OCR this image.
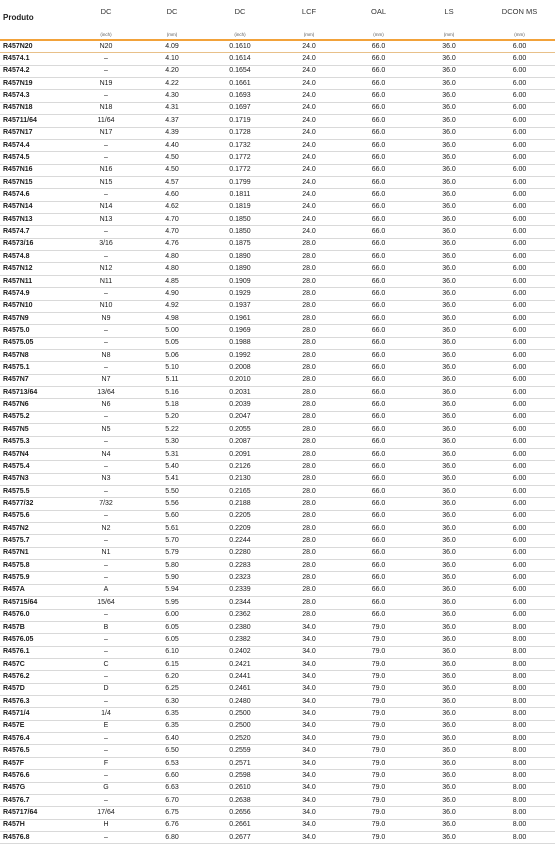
Produto	DC	DC	DC	LCF	OAL	LS	DCON MS
	(inch)	(mm)	(inch)	(mm)	(mm)	(mm)	(mm)
R457N20	N20	4.09	0.1610	24.0	66.0	36.0	6.00
R4574.1	–	4.10	0.1614	24.0	66.0	36.0	6.00
R4574.2	–	4.20	0.1654	24.0	66.0	36.0	6.00
R457N19	N19	4.22	0.1661	24.0	66.0	36.0	6.00
R4574.3	–	4.30	0.1693	24.0	66.0	36.0	6.00
R457N18	N18	4.31	0.1697	24.0	66.0	36.0	6.00
R45711/64	11/64	4.37	0.1719	24.0	66.0	36.0	6.00
R457N17	N17	4.39	0.1728	24.0	66.0	36.0	6.00
R4574.4	–	4.40	0.1732	24.0	66.0	36.0	6.00
R4574.5	–	4.50	0.1772	24.0	66.0	36.0	6.00
R457N16	N16	4.50	0.1772	24.0	66.0	36.0	6.00
R457N15	N15	4.57	0.1799	24.0	66.0	36.0	6.00
R4574.6	–	4.60	0.1811	24.0	66.0	36.0	6.00
R457N14	N14	4.62	0.1819	24.0	66.0	36.0	6.00
R457N13	N13	4.70	0.1850	24.0	66.0	36.0	6.00
R4574.7	–	4.70	0.1850	24.0	66.0	36.0	6.00
R4573/16	3/16	4.76	0.1875	28.0	66.0	36.0	6.00
R4574.8	–	4.80	0.1890	28.0	66.0	36.0	6.00
R457N12	N12	4.80	0.1890	28.0	66.0	36.0	6.00
R457N11	N11	4.85	0.1909	28.0	66.0	36.0	6.00
R4574.9	–	4.90	0.1929	28.0	66.0	36.0	6.00
R457N10	N10	4.92	0.1937	28.0	66.0	36.0	6.00
R457N9	N9	4.98	0.1961	28.0	66.0	36.0	6.00
R4575.0	–	5.00	0.1969	28.0	66.0	36.0	6.00
R4575.05	–	5.05	0.1988	28.0	66.0	36.0	6.00
R457N8	N8	5.06	0.1992	28.0	66.0	36.0	6.00
R4575.1	–	5.10	0.2008	28.0	66.0	36.0	6.00
R457N7	N7	5.11	0.2010	28.0	66.0	36.0	6.00
R45713/64	13/64	5.16	0.2031	28.0	66.0	36.0	6.00
R457N6	N6	5.18	0.2039	28.0	66.0	36.0	6.00
R4575.2	–	5.20	0.2047	28.0	66.0	36.0	6.00
R457N5	N5	5.22	0.2055	28.0	66.0	36.0	6.00
R4575.3	–	5.30	0.2087	28.0	66.0	36.0	6.00
R457N4	N4	5.31	0.2091	28.0	66.0	36.0	6.00
R4575.4	–	5.40	0.2126	28.0	66.0	36.0	6.00
R457N3	N3	5.41	0.2130	28.0	66.0	36.0	6.00
R4575.5	–	5.50	0.2165	28.0	66.0	36.0	6.00
R4577/32	7/32	5.56	0.2188	28.0	66.0	36.0	6.00
R4575.6	–	5.60	0.2205	28.0	66.0	36.0	6.00
R457N2	N2	5.61	0.2209	28.0	66.0	36.0	6.00
R4575.7	–	5.70	0.2244	28.0	66.0	36.0	6.00
R457N1	N1	5.79	0.2280	28.0	66.0	36.0	6.00
R4575.8	–	5.80	0.2283	28.0	66.0	36.0	6.00
R4575.9	–	5.90	0.2323	28.0	66.0	36.0	6.00
R457A	A	5.94	0.2339	28.0	66.0	36.0	6.00
R45715/64	15/64	5.95	0.2344	28.0	66.0	36.0	6.00
R4576.0	–	6.00	0.2362	28.0	66.0	36.0	6.00
R457B	B	6.05	0.2380	34.0	79.0	36.0	8.00
R4576.05	–	6.05	0.2382	34.0	79.0	36.0	8.00
R4576.1	–	6.10	0.2402	34.0	79.0	36.0	8.00
R457C	C	6.15	0.2421	34.0	79.0	36.0	8.00
R4576.2	–	6.20	0.2441	34.0	79.0	36.0	8.00
R457D	D	6.25	0.2461	34.0	79.0	36.0	8.00
R4576.3	–	6.30	0.2480	34.0	79.0	36.0	8.00
R4571/4	1/4	6.35	0.2500	34.0	79.0	36.0	8.00
R457E	E	6.35	0.2500	34.0	79.0	36.0	8.00
R4576.4	–	6.40	0.2520	34.0	79.0	36.0	8.00
R4576.5	–	6.50	0.2559	34.0	79.0	36.0	8.00
R457F	F	6.53	0.2571	34.0	79.0	36.0	8.00
R4576.6	–	6.60	0.2598	34.0	79.0	36.0	8.00
R457G	G	6.63	0.2610	34.0	79.0	36.0	8.00
R4576.7	–	6.70	0.2638	34.0	79.0	36.0	8.00
R45717/64	17/64	6.75	0.2656	34.0	79.0	36.0	8.00
R457H	H	6.76	0.2661	34.0	79.0	36.0	8.00
R4576.8	–	6.80	0.2677	34.0	79.0	36.0	8.00
